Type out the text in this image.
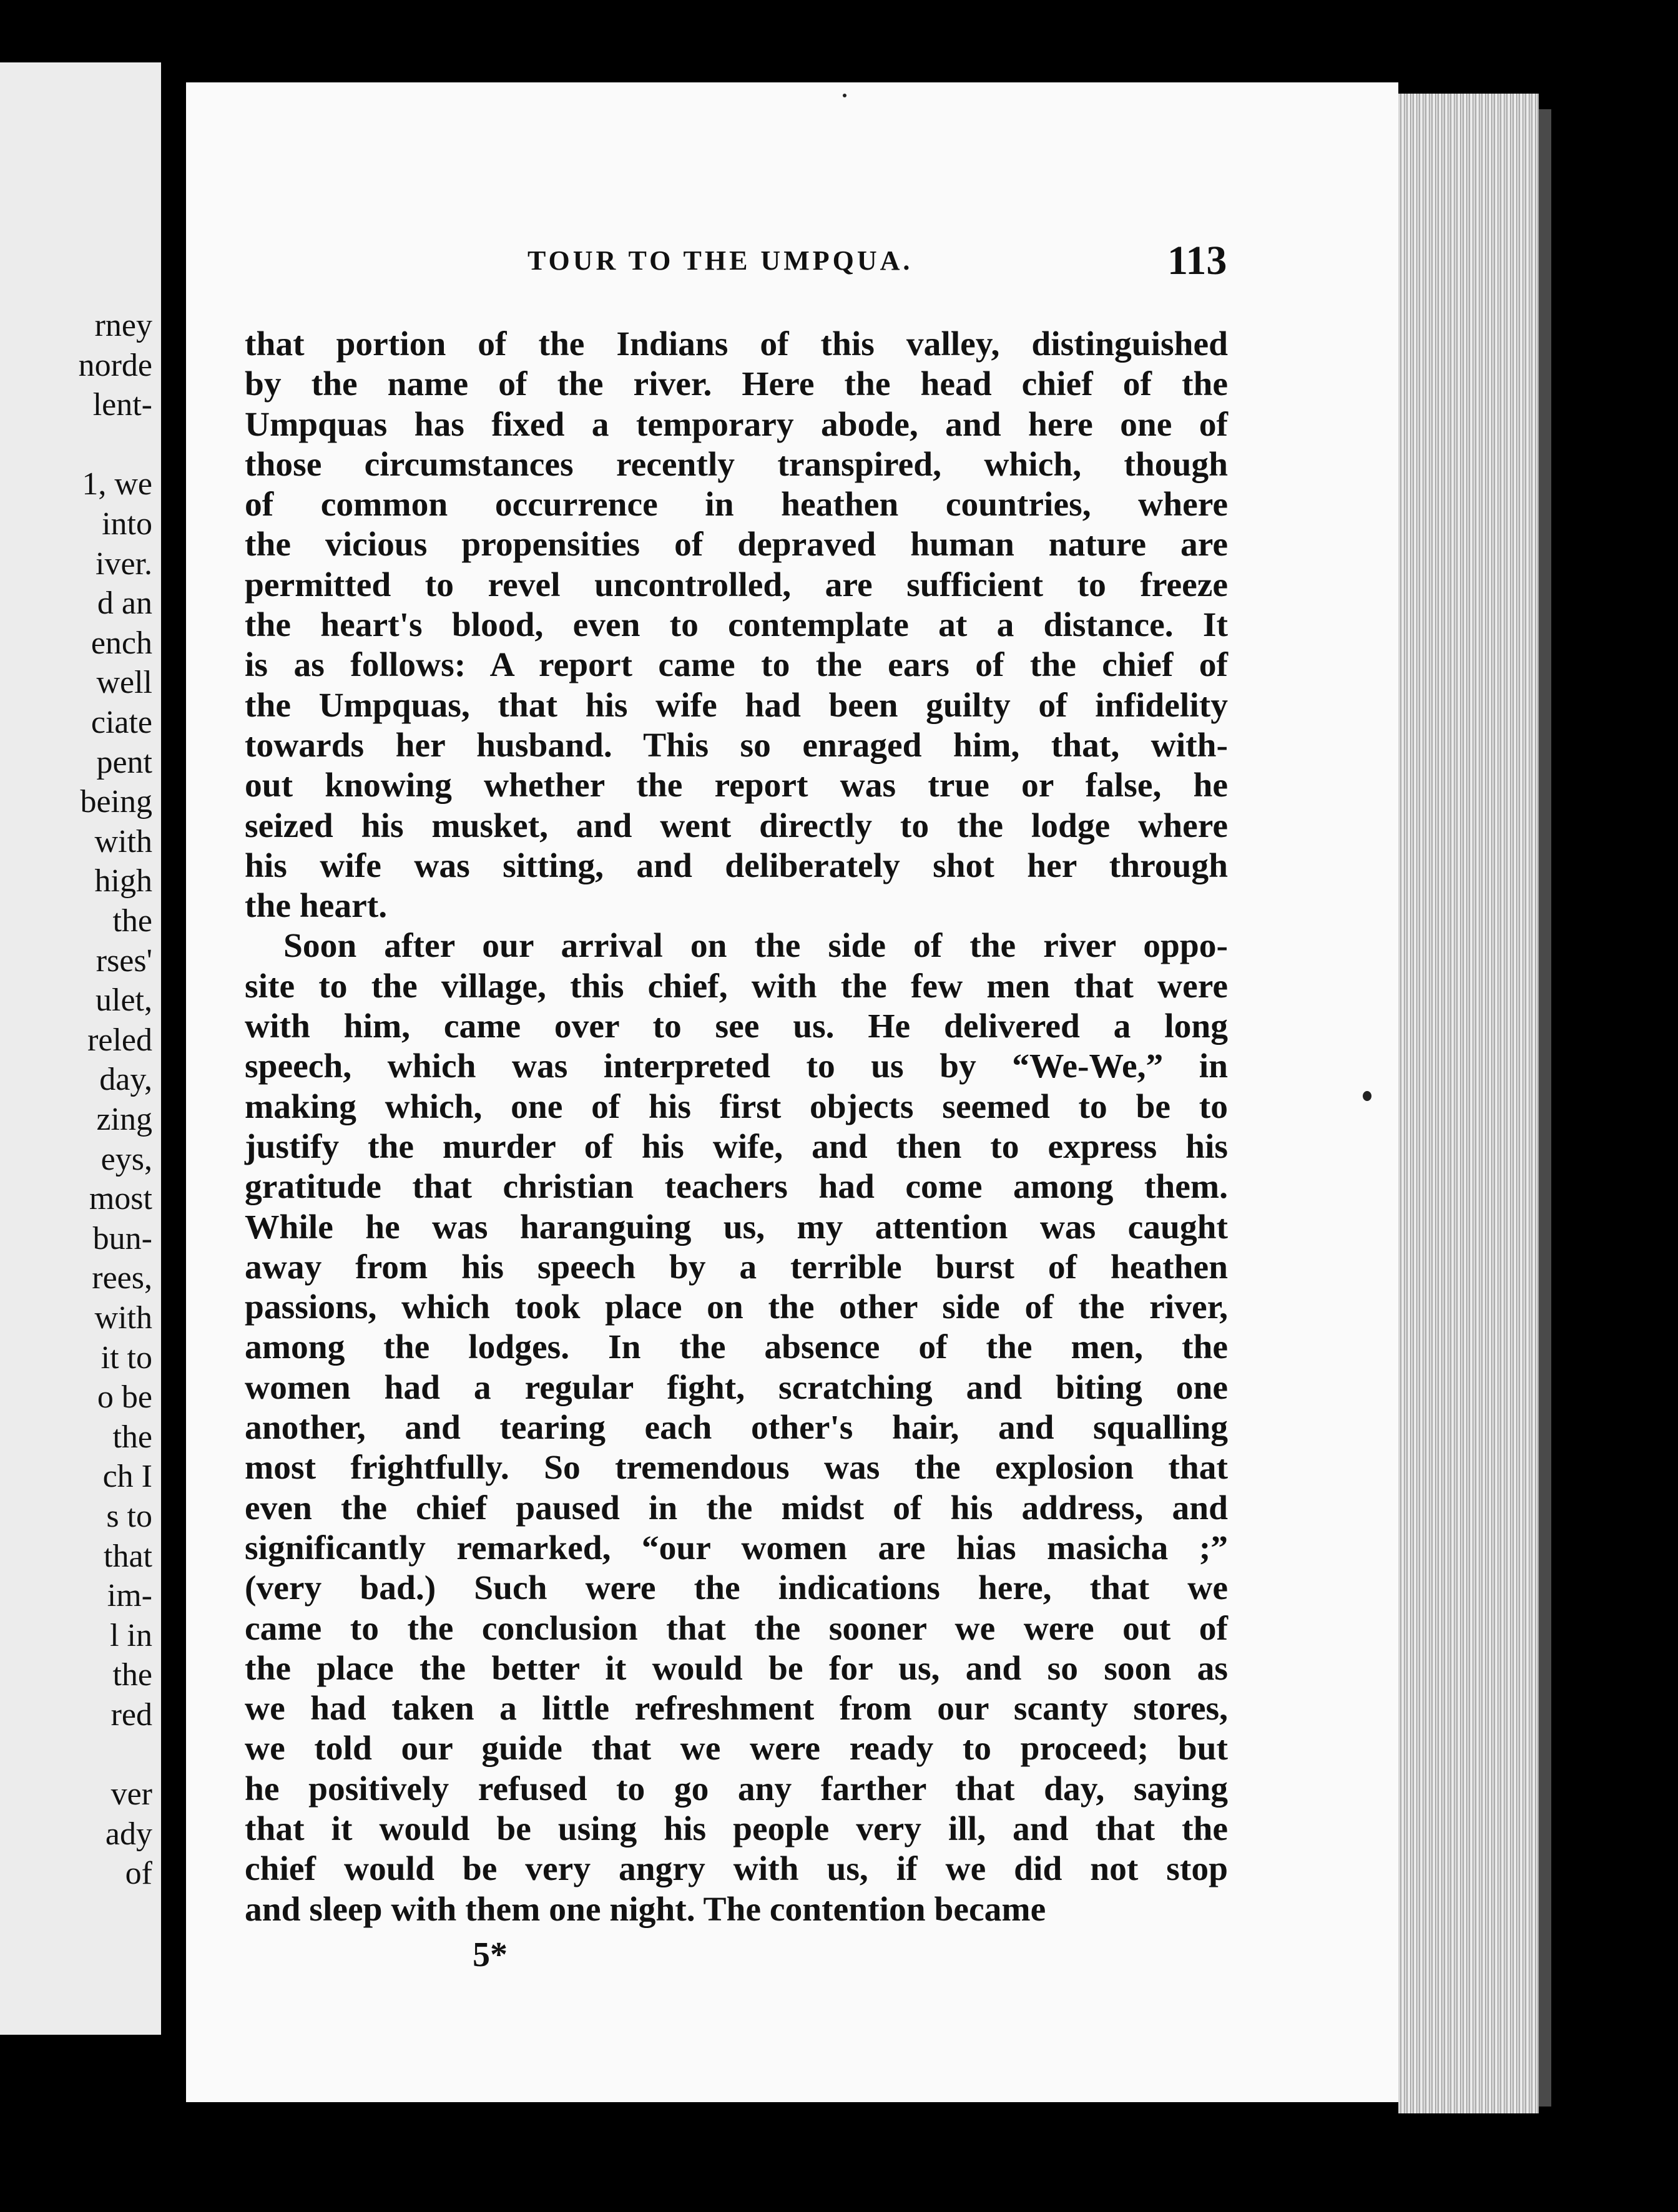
rney
norde
lent-
1, we
into
iver.
d an
ench
well
ciate
pent
being
with
high
the
rses'
ulet,
reled
day,
zing
eys,
most
bun-
rees,
with
it to
o be
the
ch I
s to
that
im-
l in
the
red
ver
ady
of
TOUR TO THE UMPQUA.	113
that portion of the Indians of this valley, distinguished
by the name of the river. Here the head chief of the
Umpquas has fixed a temporary abode, and here one of
those circumstances recently transpired, which, though
of common occurrence in heathen countries, where
the vicious propensities of depraved human nature are
permitted to revel uncontrolled, are sufficient to freeze
the heart's blood, even to contemplate at a distance. It
is as follows: A report came to the ears of the chief of
the Umpquas, that his wife had been guilty of infidelity
towards her husband. This so enraged him, that, with-
out knowing whether the report was true or false, he
seized his musket, and went directly to the lodge where
his wife was sitting, and deliberately shot her through
the heart.
Soon after our arrival on the side of the river oppo-
site to the village, this chief, with the few men that were
with him, came over to see us. He delivered a long
speech, which was interpreted to us by “We-We,” in
making which, one of his first objects seemed to be to
justify the murder of his wife, and then to express his
gratitude that christian teachers had come among them.
While he was haranguing us, my attention was caught
away from his speech by a terrible burst of heathen
passions, which took place on the other side of the river,
among the lodges. In the absence of the men, the
women had a regular fight, scratching and biting one
another, and tearing each other's hair, and squalling
most frightfully. So tremendous was the explosion that
even the chief paused in the midst of his address, and
significantly remarked, “our women are hias masicha ;”
(very bad.) Such were the indications here, that we
came to the conclusion that the sooner we were out of
the place the better it would be for us, and so soon as
we had taken a little refreshment from our scanty stores,
we told our guide that we were ready to proceed; but
he positively refused to go any farther that day, saying
that it would be using his people very ill, and that the
chief would be very angry with us, if we did not stop
and sleep with them one night. The contention became
5*
